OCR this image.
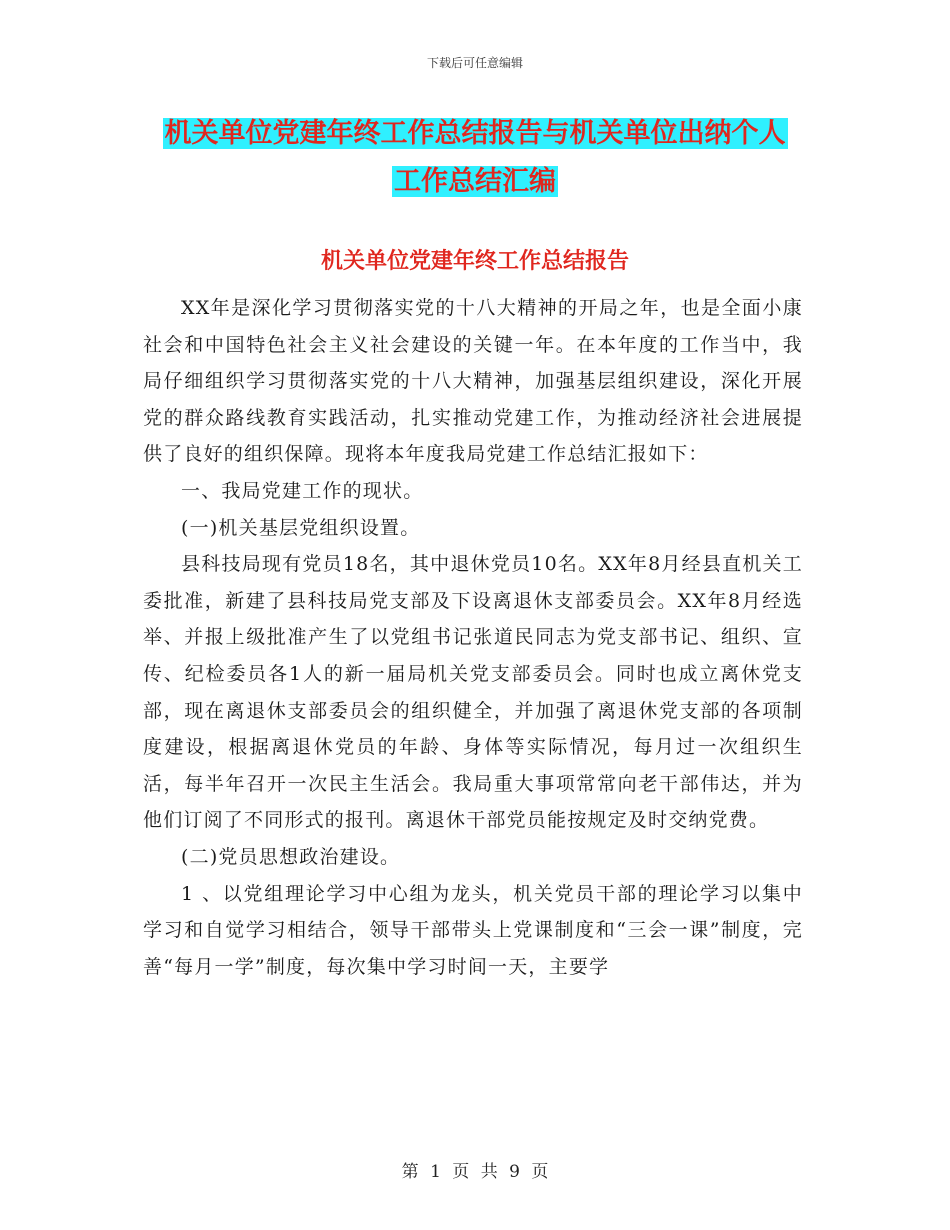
下载后可任意编辑
机关单位党建年终工作总结报告与机关单位出纳个人
工作总结汇编
机关单位党建年终工作总结报告

XX年是深化学习贯彻落实党的十八大精神的开局之年，也是全面小康社会和中国特色社会主义社会建设的关键一年。在本年度的工作当中，我局仔细组织学习贯彻落实党的十八大精神，加强基层组织建设，深化开展党的群众路线教育实践活动，扎实推动党建工作，为推动经济社会进展提供了良好的组织保障。现将本年度我局党建工作总结汇报如下：

一、我局党建工作的现状。

(一)机关基层党组织设置。

县科技局现有党员18名，其中退休党员10名。XX年8月经县直机关工委批准，新建了县科技局党支部及下设离退休支部委员会。XX年8月经选举、并报上级批准产生了以党组书记张道民同志为党支部书记、组织、宣传、纪检委员各1人的新一届局机关党支部委员会。同时也成立离休党支部，现在离退休支部委员会的组织健全，并加强了离退休党支部的各项制度建设，根据离退休党员的年龄、身体等实际情况，每月过一次组织生活，每半年召开一次民主生活会。我局重大事项常常向老干部伟达，并为他们订阅了不同形式的报刊。离退休干部党员能按规定及时交纳党费。

(二)党员思想政治建设。

1 、以党组理论学习中心组为龙头，机关党员干部的理论学习以集中学习和自觉学习相结合，领导干部带头上党课制度和“三会一课”制度，完善“每月一学”制度，每次集中学习时间一天，主要学

第 1 页 共 9 页
